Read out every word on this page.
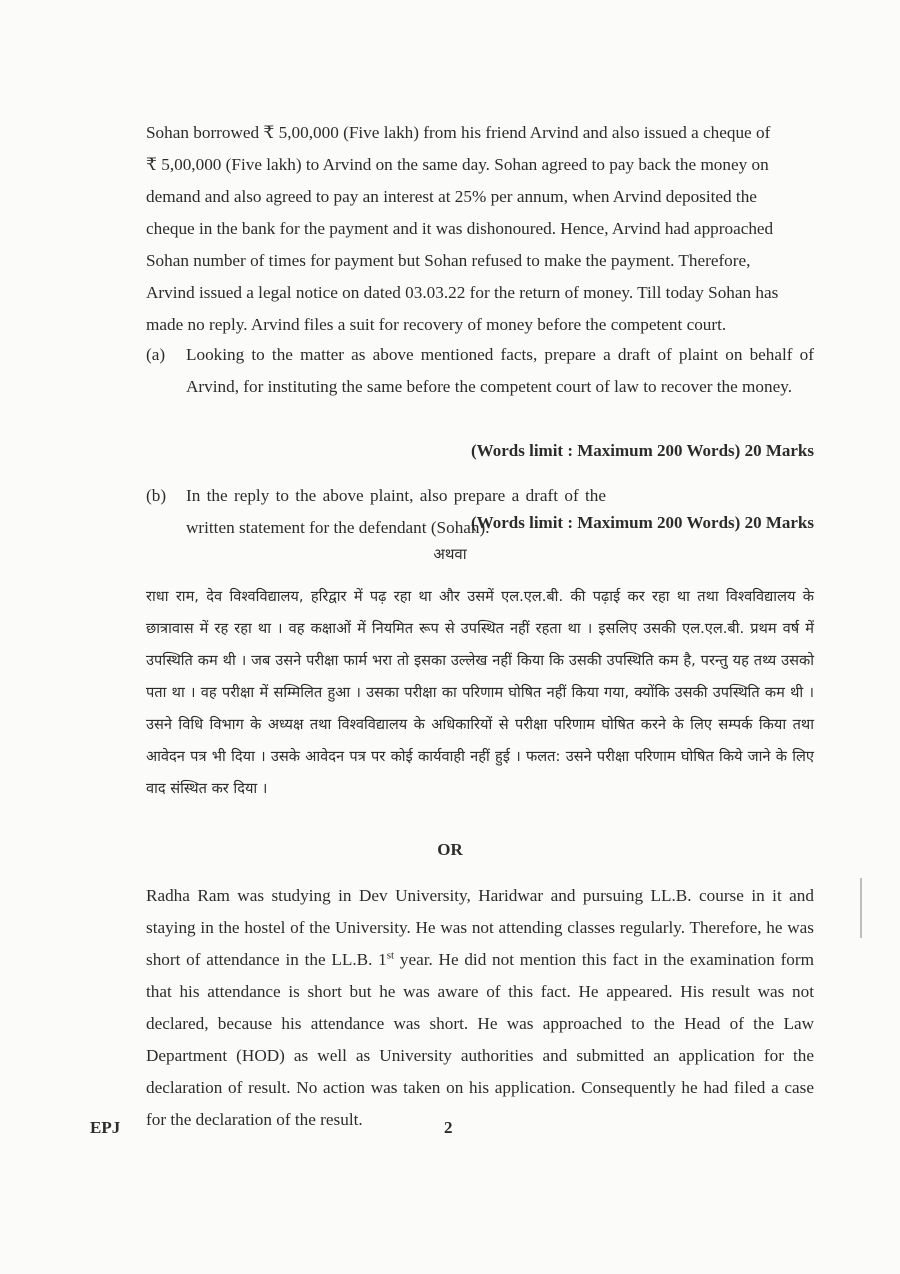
Sohan borrowed ₹ 5,00,000 (Five lakh) from his friend Arvind and also issued a cheque of
₹ 5,00,000 (Five lakh) to Arvind on the same day. Sohan agreed to pay back the money on
demand and also agreed to pay an interest at 25% per annum, when Arvind deposited the
cheque in the bank for the payment and it was dishonoured. Hence, Arvind had approached
Sohan number of times for payment but Sohan refused to make the payment. Therefore,
Arvind issued a legal notice on dated 03.03.22 for the return of money. Till today Sohan has
made no reply. Arvind files a suit for recovery of money before the competent court.
(a) Looking to the matter as above mentioned facts, prepare a draft of plaint on behalf of Arvind, for instituting the same before the competent court of law to recover the money.
(Words limit : Maximum 200 Words) 20 Marks
(b) In the reply to the above plaint, also prepare a draft of the written statement for the defendant (Sohan).
(Words limit : Maximum 200 Words) 20 Marks
अथवा

राधा राम, देव विश्वविद्यालय, हरिद्वार में पढ़ रहा था और उसमें एल.एल.बी. की पढ़ाई कर रहा था तथा विश्वविद्यालय के छात्रावास में रह रहा था । वह कक्षाओं में नियमित रूप से उपस्थित नहीं रहता था । इसलिए उसकी एल.एल.बी. प्रथम वर्ष में उपस्थिति कम थी । जब उसने परीक्षा फार्म भरा तो इसका उल्लेख नहीं किया कि उसकी उपस्थिति कम है, परन्तु यह तथ्य उसको पता था । वह परीक्षा में सम्मिलित हुआ । उसका परीक्षा का परिणाम घोषित नहीं किया गया, क्योंकि उसकी उपस्थिति कम थी । उसने विधि विभाग के अध्यक्ष तथा विश्वविद्यालय के अधिकारियों से परीक्षा परिणाम घोषित करने के लिए सम्पर्क किया तथा आवेदन पत्र भी दिया । उसके आवेदन पत्र पर कोई कार्यवाही नहीं हुई । फलत: उसने परीक्षा परिणाम घोषित किये जाने के लिए वाद संस्थित कर दिया ।

OR

Radha Ram was studying in Dev University, Haridwar and pursuing LL.B. course in it and staying in the hostel of the University. He was not attending classes regularly. Therefore, he was short of attendance in the LL.B. 1st year. He did not mention this fact in the examination form that his attendance is short but he was aware of this fact. He appeared. His result was not declared, because his attendance was short. He was approached to the Head of the Law Department (HOD) as well as University authorities and submitted an application for the declaration of result. No action was taken on his application. Consequently he had filed a case for the declaration of the result.

EPJ	2
